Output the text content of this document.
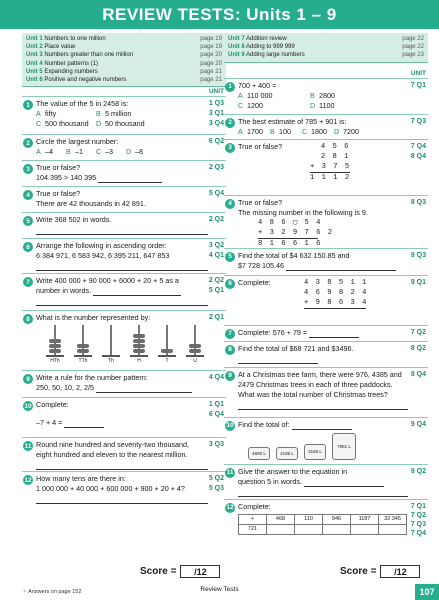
REVIEW TESTS: Units 1 – 9
Unit 1 Numbers to one million	page 19
Unit 2 Place value	page 19
Unit 3 Numbers greater than one million	page 20
Unit 4 Number patterns (1)	page 20
Unit 5 Expanding numbers	page 21
Unit 6 Positive and negative numbers	page 21
UNIT
1	1 Q3
3 Q1
3 Q4
The value of the 5 in 2458 is:
A fifty	B 5 million
C 500 thousand D 50 thousand
2	6 Q2
Circle the largest number:
A –4 B –1 C –3 D –8
3	2 Q3
True or false?
104 395 > 140 395
4	5 Q4
True or false?
There are 42 thousands in 42 891.
5	2 Q2
Write 368 502 in words.
6	3 Q2
4 Q1
Arrange the following in ascending order:
6 384 971, 6 583 942, 6 395 211, 647 853
7	2 Q2
5 Q1
Write 400 000 + 90 000 + 6000 + 20 + 5 as a
number in words.
8	2 Q1
What is the number represented by:
HTh	TTh	Th	H	T	U
9	4 Q4
Write a rule for the number pattern:
250, 50, 10, 2, 2/5
10	1 Q1
6 Q4
Complete:
–7 + 4 =
11	3 Q3
Round nine hundred and seventy-two thousand,
eight hundred and eleven to the nearest million.
12	5 Q2
5 Q3
How many tens are there in:
1 000 000 + 40 000 + 600 000 + 900 + 20 + 4?
Unit 7 Addition review	page 22
Unit 8 Adding to 999 999	page 22
Unit 9 Adding large numbers	page 23
UNIT
1	7 Q1
700 + 400 =
A 110 000	B 2800
C 1200	D 1100
2	7 Q3
The best estimate of 785 + 901 is:
A 1700 B 100 C 1800 D 7200
3	7 Q4
8 Q4
True or false?	4 5 6
2 8 1
+ 3 7 5
1 1 1 2
4	8 Q3
True or false?
The missing number in the following is 9.
4 8 6 ▢ 5 4
+ 3 2 9 7 6 2
8 1 6 6 1 6
5	9 Q3
Find the total of $4 632 150.85 and
$7 728 105.46
6	9 Q1
Complete:	4 3 8 5 1 1
4 6 9 8 2 4
+ 9 8 6 3 4
7	7 Q2
Complete: 576 + 79 =
8	8 Q2
Find the total of $68 721 and $3496.
9	8 Q4
At a Christmas tree farm, there were 976, 4385 and
2479 Christmas trees in each of three paddocks.
What was the total number of Christmas trees?
10	9 Q4
Find the total of:
4690 L	2186 L	3156 L
7981 L
11	9 Q2
Give the answer to the equation in
question 5 in words.
12	7 Q1
7 Q2
7 Q3
7 Q4
Complete:
+	468	110	946	1187	32 345
721					
Score = /12	Score = /12
☞ Answers on page 152	Review Tests	107
